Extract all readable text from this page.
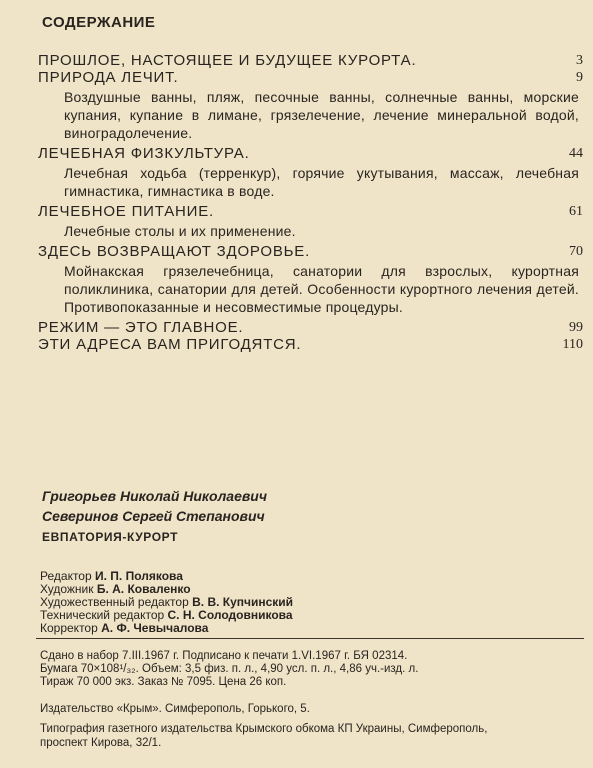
СОДЕРЖАНИЕ
ПРОШЛОЕ, НАСТОЯЩЕЕ И БУДУЩЕЕ КУРОРТА.	3
ПРИРОДА ЛЕЧИТ.	9
Воздушные ванны, пляж, песочные ванны, солнечные ванны, морские купания, купание в лимане, грязелечение, лечение минеральной водой, виноградолечение.
ЛЕЧЕБНАЯ ФИЗКУЛЬТУРА.	44
Лечебная ходьба (терренкур), горячие укутывания, массаж, лечебная гимнастика, гимнастика в воде.
ЛЕЧЕБНОЕ ПИТАНИЕ.	61
Лечебные столы и их применение.
ЗДЕСЬ ВОЗВРАЩАЮТ ЗДОРОВЬЕ.	70
Мойнакская грязелечебница, санатории для взрослых, курортная поликлиника, санатории для детей. Особенности курортного лечения детей. Противопоказанные и несовместимые процедуры.
РЕЖИМ — ЭТО ГЛАВНОЕ.	99
ЭТИ АДРЕСА ВАМ ПРИГОДЯТСЯ.	110
Григорьев Николай Николаевич
Северинов Сергей Степанович
ЕВПАТОРИЯ-КУРОРТ
Редактор И. П. Полякова
Художник Б. А. Коваленко
Художественный редактор В. В. Купчинский
Технический редактор С. Н. Солодовникова
Корректор А. Ф. Чевычалова

Сдано в набор 7.III.1967 г. Подписано к печати 1.VI.1967 г. БЯ 02314.

Бумага 70×108¹/₃₂. Объем: 3,5 физ. п. л., 4,90 усл. п. л., 4,86 уч.-изд. л.

Тираж 70 000 экз. Заказ № 7095. Цена 26 коп.

Издательство «Крым». Симферополь, Горького, 5.
Типография газетного издательства Крымского обкома КП Украины, Симферополь, проспект Кирова, 32/1.
